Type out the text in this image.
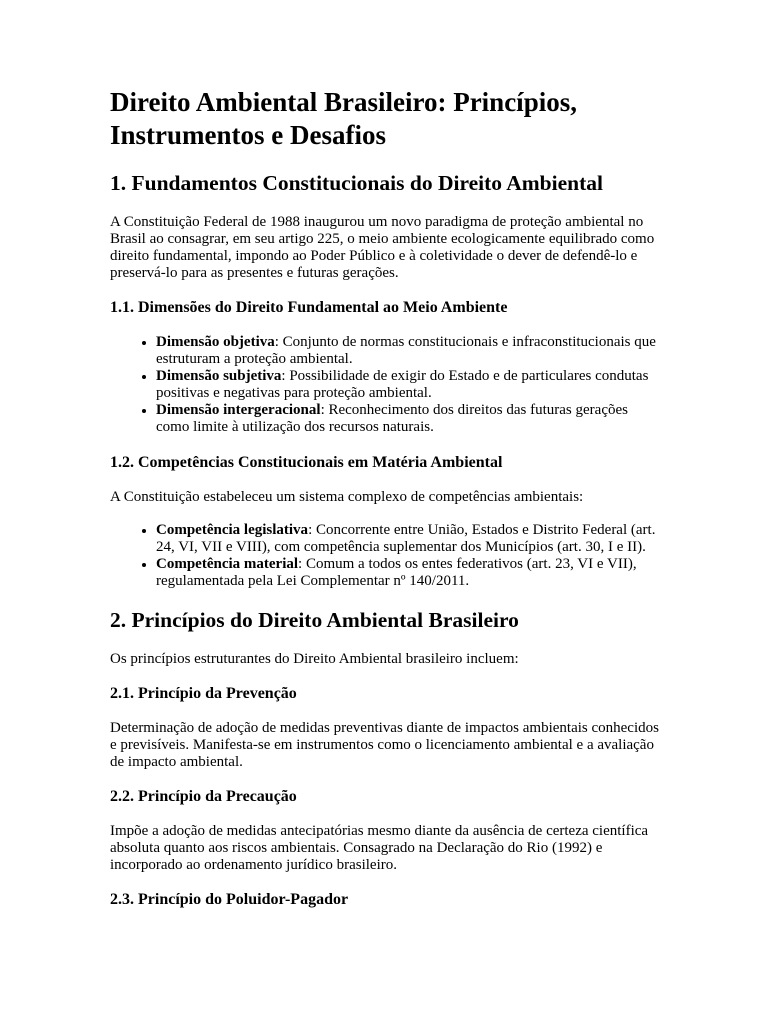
Direito Ambiental Brasileiro: Princípios, Instrumentos e Desafios
1. Fundamentos Constitucionais do Direito Ambiental

A Constituição Federal de 1988 inaugurou um novo paradigma de proteção ambiental no Brasil ao consagrar, em seu artigo 225, o meio ambiente ecologicamente equilibrado como direito fundamental, impondo ao Poder Público e à coletividade o dever de defendê-lo e preservá-lo para as presentes e futuras gerações.

1.1. Dimensões do Direito Fundamental ao Meio Ambiente
• Dimensão objetiva: Conjunto de normas constitucionais e infraconstitucionais que estruturam a proteção ambiental.
• Dimensão subjetiva: Possibilidade de exigir do Estado e de particulares condutas positivas e negativas para proteção ambiental.
• Dimensão intergeracional: Reconhecimento dos direitos das futuras gerações como limite à utilização dos recursos naturais.
1.2. Competências Constitucionais em Matéria Ambiental

A Constituição estabeleceu um sistema complexo de competências ambientais:

• Competência legislativa: Concorrente entre União, Estados e Distrito Federal (art. 24, VI, VII e VIII), com competência suplementar dos Municípios (art. 30, I e II).
• Competência material: Comum a todos os entes federativos (art. 23, VI e VII), regulamentada pela Lei Complementar nº 140/2011.
2. Princípios do Direito Ambiental Brasileiro

Os princípios estruturantes do Direito Ambiental brasileiro incluem:

2.1. Princípio da Prevenção

Determinação de adoção de medidas preventivas diante de impactos ambientais conhecidos e previsíveis. Manifesta-se em instrumentos como o licenciamento ambiental e a avaliação de impacto ambiental.

2.2. Princípio da Precaução

Impõe a adoção de medidas antecipatórias mesmo diante da ausência de certeza científica absoluta quanto aos riscos ambientais. Consagrado na Declaração do Rio (1992) e incorporado ao ordenamento jurídico brasileiro.

2.3. Princípio do Poluidor-Pagador
